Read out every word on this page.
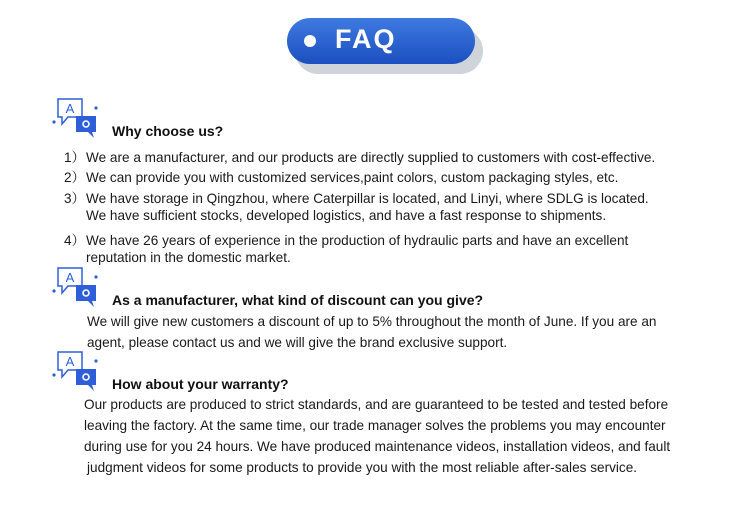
FAQ
A
Why choose us?
1）We are a manufacturer, and our products are directly supplied to customers with cost-effective.
2）We can provide you with customized services,paint colors, custom packaging styles, etc.
3）We have storage in Qingzhou, where Caterpillar is located, and Linyi, where SDLG is located.
We have sufficient stocks, developed logistics, and have a fast response to shipments.
4）We have 26 years of experience in the production of hydraulic parts and have an excellent
reputation in the domestic market.
A
As a manufacturer, what kind of discount can you give?
We will give new customers a discount of up to 5% throughout the month of June. If you are an
agent, please contact us and we will give the brand exclusive support.
A
How about your warranty?
Our products are produced to strict standards, and are guaranteed to be tested and tested before
leaving the factory. At the same time, our trade manager solves the problems you may encounter
during use for you 24 hours. We have produced maintenance videos, installation videos, and fault
judgment videos for some products to provide you with the most reliable after-sales service.
